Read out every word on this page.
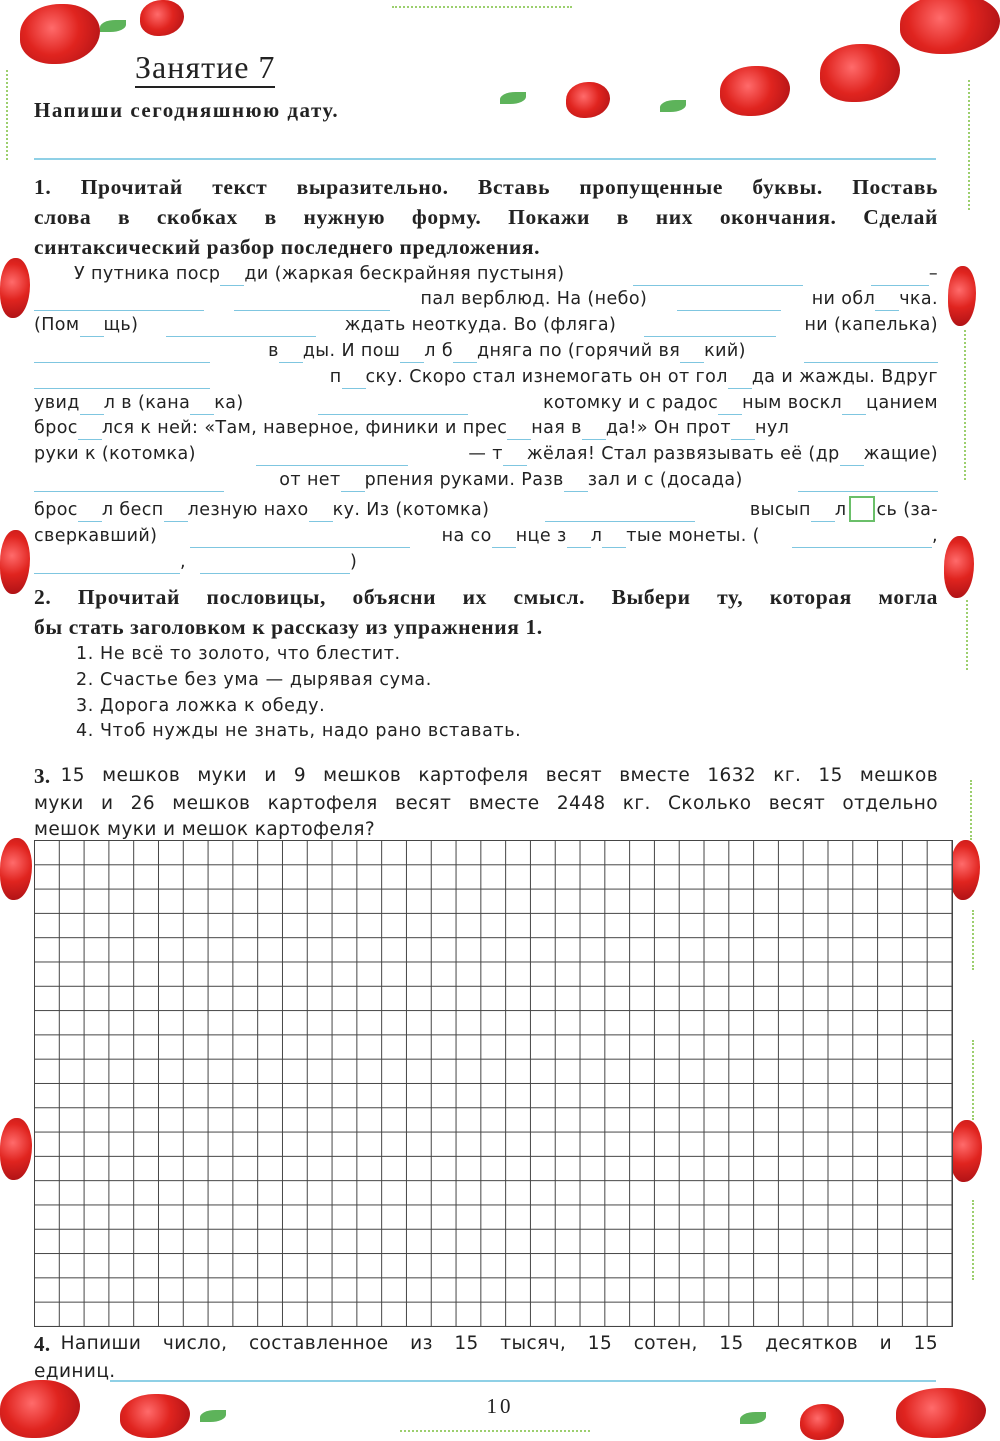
Занятие 7
Напиши сегодняшнюю дату.
1. Прочитай текст выразительно. Вставь пропущенные буквы. Поставь
слова в скобках в нужную форму. Покажи в них окончания. Сделай
синтаксический разбор последнего предложения.
У путника поср ди (жаркая бескрайняя пустыня)	–
пал верблюд. На (небо)	ни обл чка.
(Пом щь)	ждать неоткуда. Во (фляга)	ни (капелька)
в ды. И пош л б дняга по (горячий вя кий)
п ску. Скоро стал изнемогать он от гол да и жажды. Вдруг
увид л в (кана ка)	котомку и с радос ным воскл цанием
брос лся к ней: «Там, наверное, финики и прес ная в да!» Он прот нул
руки к (котомка)	— т жёлая! Стал развязывать её (др жащие)
от нет рпения руками. Разв зал и с (досада)
брос л бесп лезную нахо ку. Из (котомка)	высып л сь (за-
сверкавший)	на со нце з л тые монеты. (	,
,	)
2. Прочитай пословицы, объясни их смысл. Выбери ту, которая могла
бы стать заголовком к рассказу из упражнения 1.
1. Не всё то золото, что блестит.
2. Счастье без ума — дырявая сума.
3. Дорога ложка к обеду.
4. Чтоб нужды не знать, надо рано вставать.
3. 15 мешков муки и 9 мешков картофеля весят вместе 1632 кг. 15 мешков
муки и 26 мешков картофеля весят вместе 2448 кг. Сколько весят отдельно
мешок муки и мешок картофеля?
4. Напиши число, составленное из 15 тысяч, 15 сотен, 15 десятков и 15
единиц.
10
